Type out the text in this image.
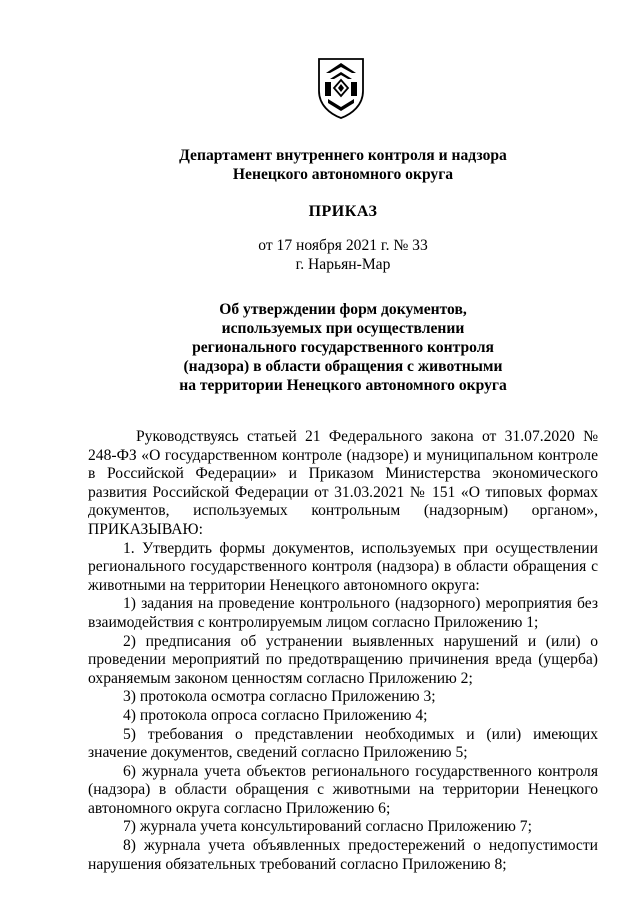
Департамент внутреннего контроля и надзора
Ненецкого автономного округа
ПРИКАЗ
от 17 ноября 2021 г. № 33
г. Нарьян-Мар
Об утверждении форм документов,
используемых при осуществлении
регионального государственного контроля
(надзора) в области обращения с животными
на территории Ненецкого автономного округа

Руководствуясь статьей 21 Федерального закона от 31.07.2020 № 248-ФЗ «О государственном контроле (надзоре) и муниципальном контроле в Российской Федерации» и Приказом Министерства экономического развития Российской Федерации от 31.03.2021 № 151 «О типовых формах документов, используемых контрольным (надзорным) органом», ПРИКАЗЫВАЮ:

1. Утвердить формы документов, используемых при осуществлении регионального государственного контроля (надзора) в области обращения с животными на территории Ненецкого автономного округа:

1) задания на проведение контрольного (надзорного) мероприятия без взаимодействия с контролируемым лицом согласно Приложению 1;

2) предписания об устранении выявленных нарушений и (или) о проведении мероприятий по предотвращению причинения вреда (ущерба) охраняемым законом ценностям согласно Приложению 2;

3) протокола осмотра согласно Приложению 3;

4) протокола опроса согласно Приложению 4;

5) требования о представлении необходимых и (или) имеющих значение документов, сведений согласно Приложению 5;

6) журнала учета объектов регионального государственного контроля (надзора) в области обращения с животными на территории Ненецкого автономного округа согласно Приложению 6;

7) журнала учета консультирований согласно Приложению 7;

8) журнала учета объявленных предостережений о недопустимости нарушения обязательных требований согласно Приложению 8;
